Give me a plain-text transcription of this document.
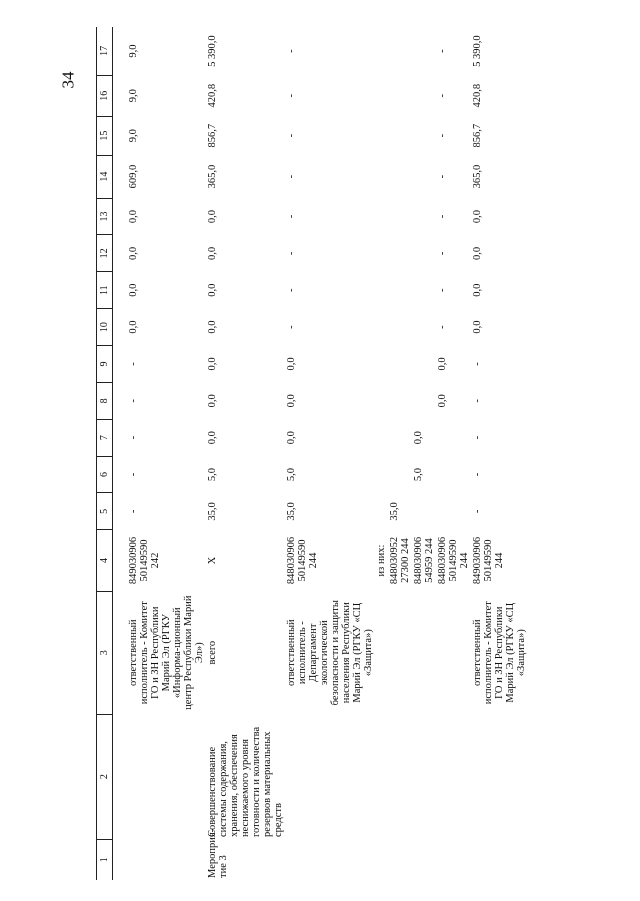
34
1	2	3	4	5	6	7	8	9	10	11	12	13	14	15	16	17

		ответственный исполнитель - Комитет ГО и ЗН Республики Марий Эл (РГКУ «Информа-ционный центр Республики Марий Эл»)	849030906 50149590 242	-	-	-	-	-	0,0	0,0	0,0	0,0	609,0	9,0	9,0	9,0
Мероприя-тие 3	Совершенствование системы содержания, хранения, обеспечения неснижаемого уровня готовности и количества резервов материальных средств	всего	X	35,0	5,0	0,0	0,0	0,0	0,0	0,0	0,0	0,0	365,0	856,7	420,8	5 390,0
		ответственный исполнитель - Департамент экологической безопасности и защиты населения Республики Марий Эл (РГКУ «СЦ «Защита»)	848030906 50149590 244	35,0	5,0	0,0	0,0	0,0	-	-	-	-	-	-	-	-
			из них:													
			848030952 27300 244	35,0												
			848030906 54959 244		5,0	0,0										
			848030906 50149590 244				0,0	0,0	-	-	-	-	-	-	-	-
		ответственный исполнитель - Комитет ГО и ЗН Республики Марий Эл (РГКУ «СЦ «Защита»)	849030906 50149590 244	-	-	-	-	-	0,0	0,0	0,0	0,0	365,0	856,7	420,8	5 390,0
